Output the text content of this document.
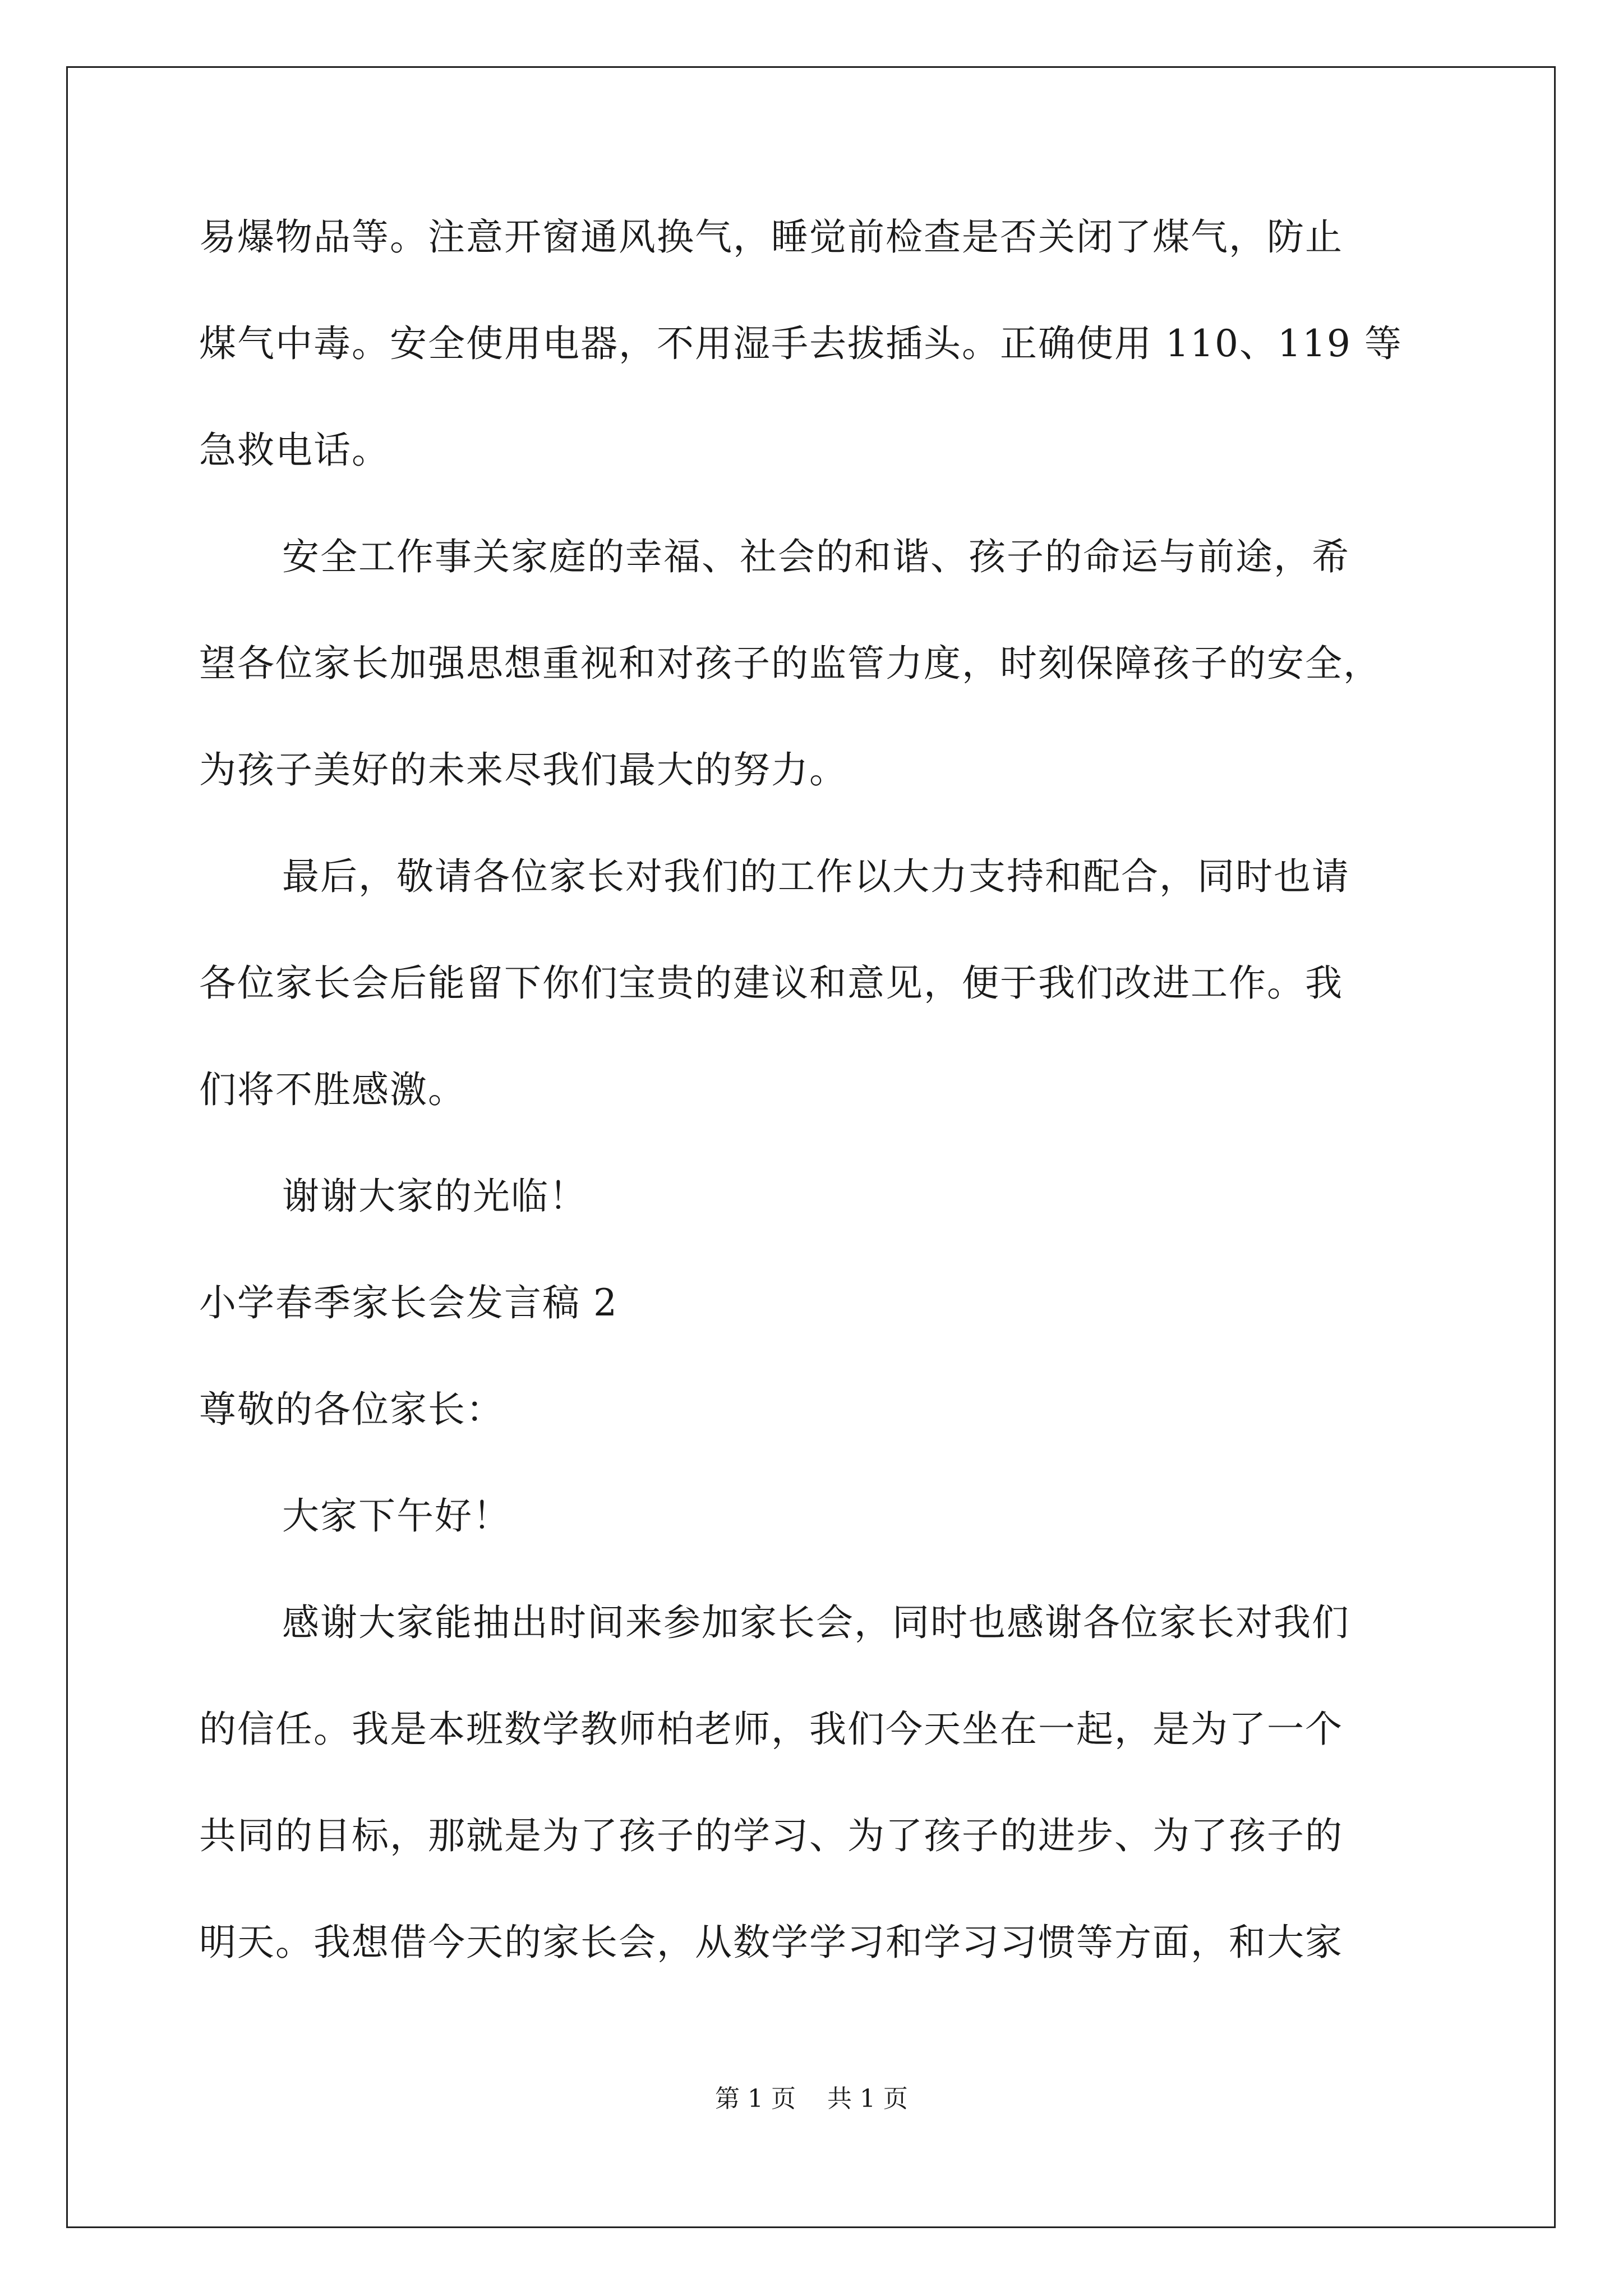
易爆物品等。注意开窗通风换气，睡觉前检查是否关闭了煤气，防止
煤气中毒。安全使用电器，不用湿手去拔插头。正确使用 110、119 等
急救电话。
安全工作事关家庭的幸福、社会的和谐、孩子的命运与前途，希
望各位家长加强思想重视和对孩子的监管力度，时刻保障孩子的安全，
为孩子美好的未来尽我们最大的努力。
最后，敬请各位家长对我们的工作以大力支持和配合，同时也请
各位家长会后能留下你们宝贵的建议和意见，便于我们改进工作。我
们将不胜感激。
谢谢大家的光临！
小学春季家长会发言稿 2
尊敬的各位家长：
大家下午好！
感谢大家能抽出时间来参加家长会，同时也感谢各位家长对我们
的信任。我是本班数学教师柏老师，我们今天坐在一起，是为了一个
共同的目标，那就是为了孩子的学习、为了孩子的进步、为了孩子的
明天。我想借今天的家长会，从数学学习和学习习惯等方面，和大家
第 1 页    共 1 页
